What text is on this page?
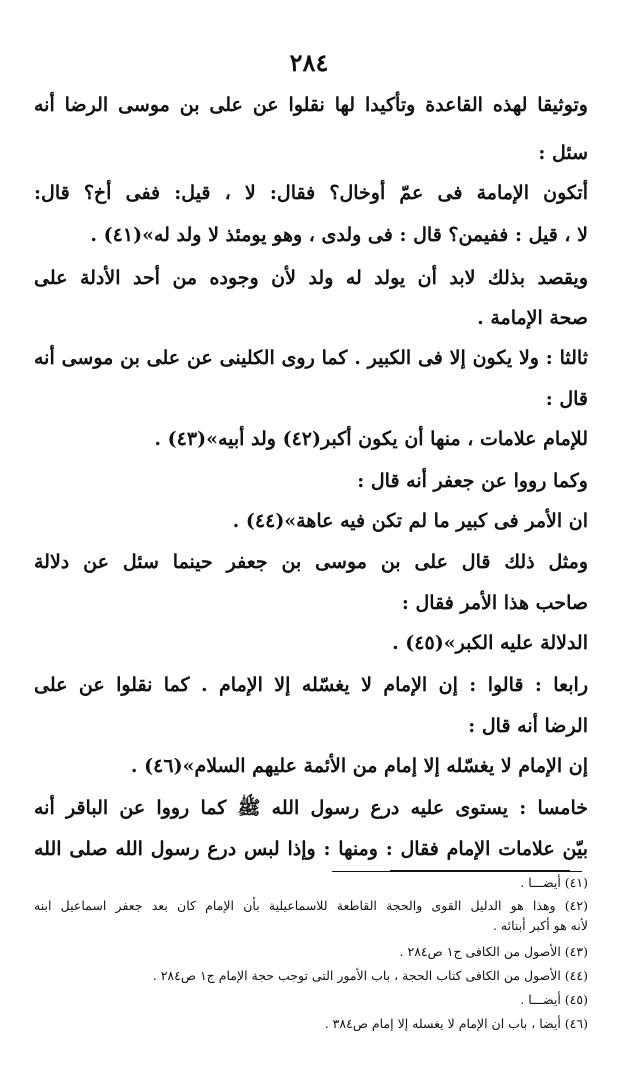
٢٨٤
وتوثيقا لهذه القاعدة وتأكيدا لها نقلوا عن على بن موسى الرضا أنه
سئل :
أتكون الإمامة فى عمّ أوخال؟ فقال: لا ، قيل: ففى أخ؟ قال:
لا ، قيل : ففيمن؟ قال : فى ولدى ، وهو يومئذ لا ولد له»(٤١) .
ويقصد بذلك لابد أن يولد له ولد لأن وجوده من أحد الأدلة على
صحة الإمامة .
ثالثا : ولا يكون إلا فى الكبير . كما روى الكلينى عن على بن موسى أنه
قال :
للإمام علامات ، منها أن يكون أكبر(٤٢) ولد أبيه»(٤٣) .
وكما رووا عن جعفر أنه قال :
ان الأمر فى كبير ما لم تكن فيه عاهة»(٤٤) .
ومثل ذلك قال على بن موسى بن جعفر حينما سئل عن دلالة
صاحب هذا الأمر فقال :
الدلالة عليه الكبر»(٤٥) .
رابعا : قالوا : إن الإمام لا يغسّله إلا الإمام . كما نقلوا عن على
الرضا أنه قال :
إن الإمام لا يغسّله إلا إمام من الأئمة عليهم السلام»(٤٦) .
خامسا : يستوى عليه درع رسول الله ﷺ كما رووا عن الباقر أنه
بيّن علامات الإمام فقال : ومنها : وإذا لبس درع رسول الله صلى الله
(٤١) أيضـــا .
(٤٢) وهذا هو الدليل القوى والحجة القاطعة للاسماعيلية بأن الإمام كان بعد جعفر اسماعيل ابنه
لأنه هو أكبر أبنائه .
(٤٣) الأصول من الكافى ج١ ص٢٨٤ .
(٤٤) الأصول من الكافى كتاب الحجة ، باب الأمور التى توجب حجة الإمام ج١ ص٢٨٤ .
(٤٥) أيضـــا .
(٤٦) أيضا ، باب ان الإمام لا يغسله إلا إمام ص٣٨٤ .
